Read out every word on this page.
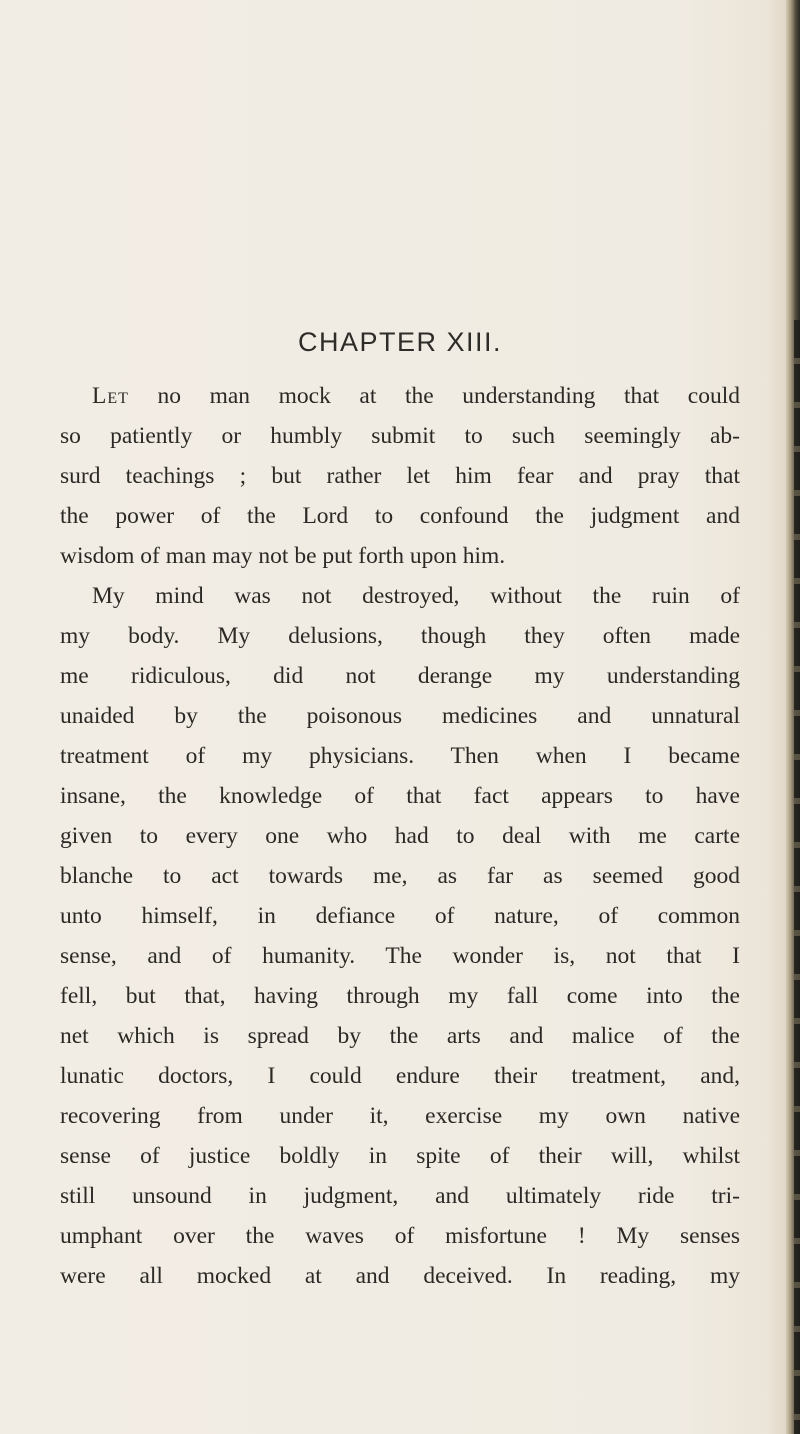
CHAPTER XIII.
Let no man mock at the understanding that could
so patiently or humbly submit to such seemingly ab-
surd teachings ; but rather let him fear and pray that
the power of the Lord to confound the judgment and
wisdom of man may not be put forth upon him.
My mind was not destroyed, without the ruin of
my body. My delusions, though they often made
me ridiculous, did not derange my understanding
unaided by the poisonous medicines and unnatural
treatment of my physicians. Then when I became
insane, the knowledge of that fact appears to have
given to every one who had to deal with me carte
blanche to act towards me, as far as seemed good
unto himself, in defiance of nature, of common
sense, and of humanity. The wonder is, not that I
fell, but that, having through my fall come into the
net which is spread by the arts and malice of the
lunatic doctors, I could endure their treatment, and,
recovering from under it, exercise my own native
sense of justice boldly in spite of their will, whilst
still unsound in judgment, and ultimately ride tri-
umphant over the waves of misfortune ! My senses
were all mocked at and deceived. In reading, my
